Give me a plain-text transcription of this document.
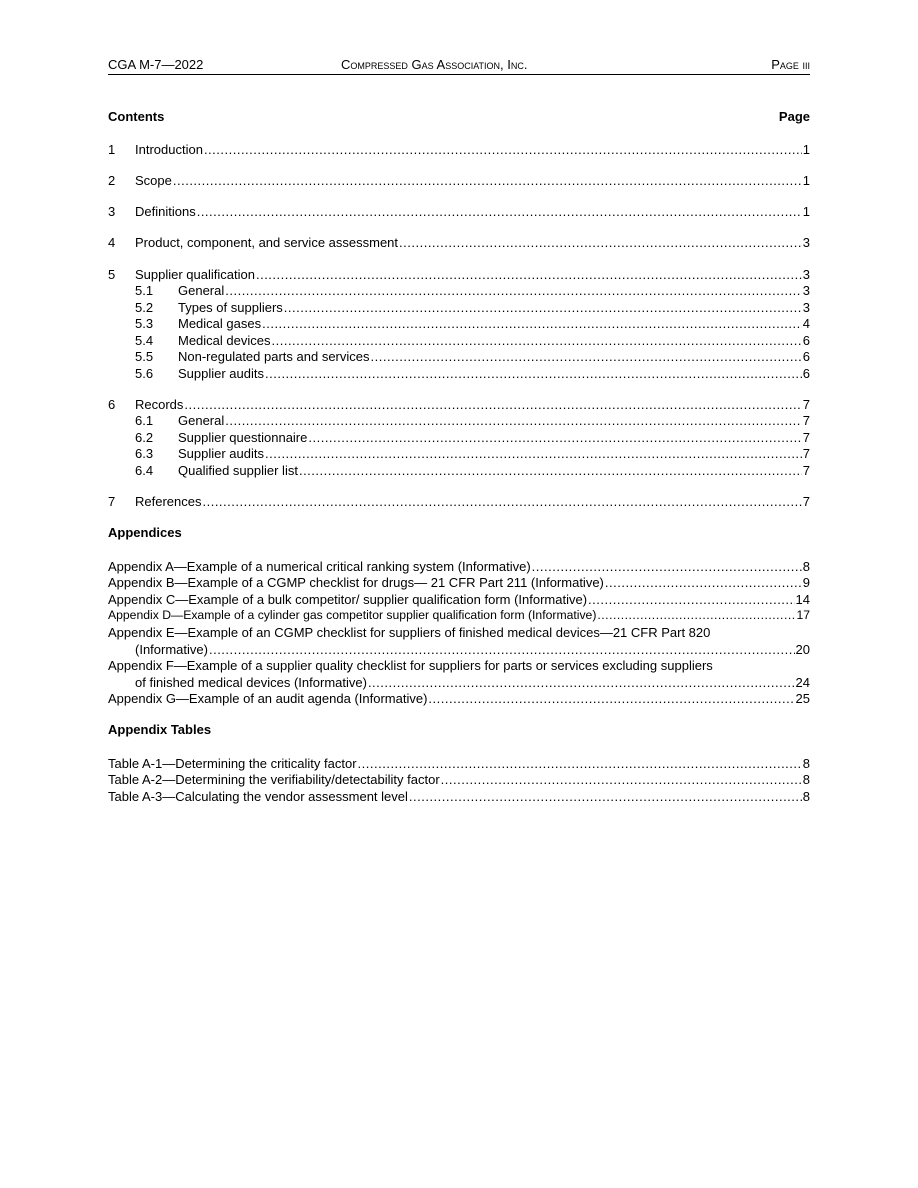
CGA M-7—2022	Compressed Gas Association, Inc.	Page iii
Contents	Page
1 Introduction .....	1
2 Scope .....	1
3 Definitions .....	1
4 Product, component, and service assessment .....	3
5 Supplier qualification .....	3
5.1 General .....	3
5.2 Types of suppliers .....	3
5.3 Medical gases .....	4
5.4 Medical devices .....	6
5.5 Non-regulated parts and services .....	6
5.6 Supplier audits .....	6
6 Records .....	7
6.1 General .....	7
6.2 Supplier questionnaire .....	7
6.3 Supplier audits .....	7
6.4 Qualified supplier list .....	7
7 References .....	7
Appendices
Appendix A—Example of a numerical critical ranking system (Informative) .....	8
Appendix B—Example of a CGMP checklist for drugs— 21 CFR Part 211 (Informative) .....	9
Appendix C—Example of a bulk competitor/ supplier qualification form (Informative) .....	14
Appendix D—Example of a cylinder gas competitor supplier qualification form (Informative) .....	17
Appendix E—Example of an CGMP checklist for suppliers of finished medical devices—21 CFR Part 820
(Informative) .....	20
Appendix F—Example of a supplier quality checklist for suppliers for parts or services excluding suppliers
of finished medical devices (Informative) .....	24
Appendix G—Example of an audit agenda (Informative) .....	25
Appendix Tables
Table A-1—Determining the criticality factor .....	8
Table A-2—Determining the verifiability/detectability factor .....	8
Table A-3—Calculating the vendor assessment level .....	8
